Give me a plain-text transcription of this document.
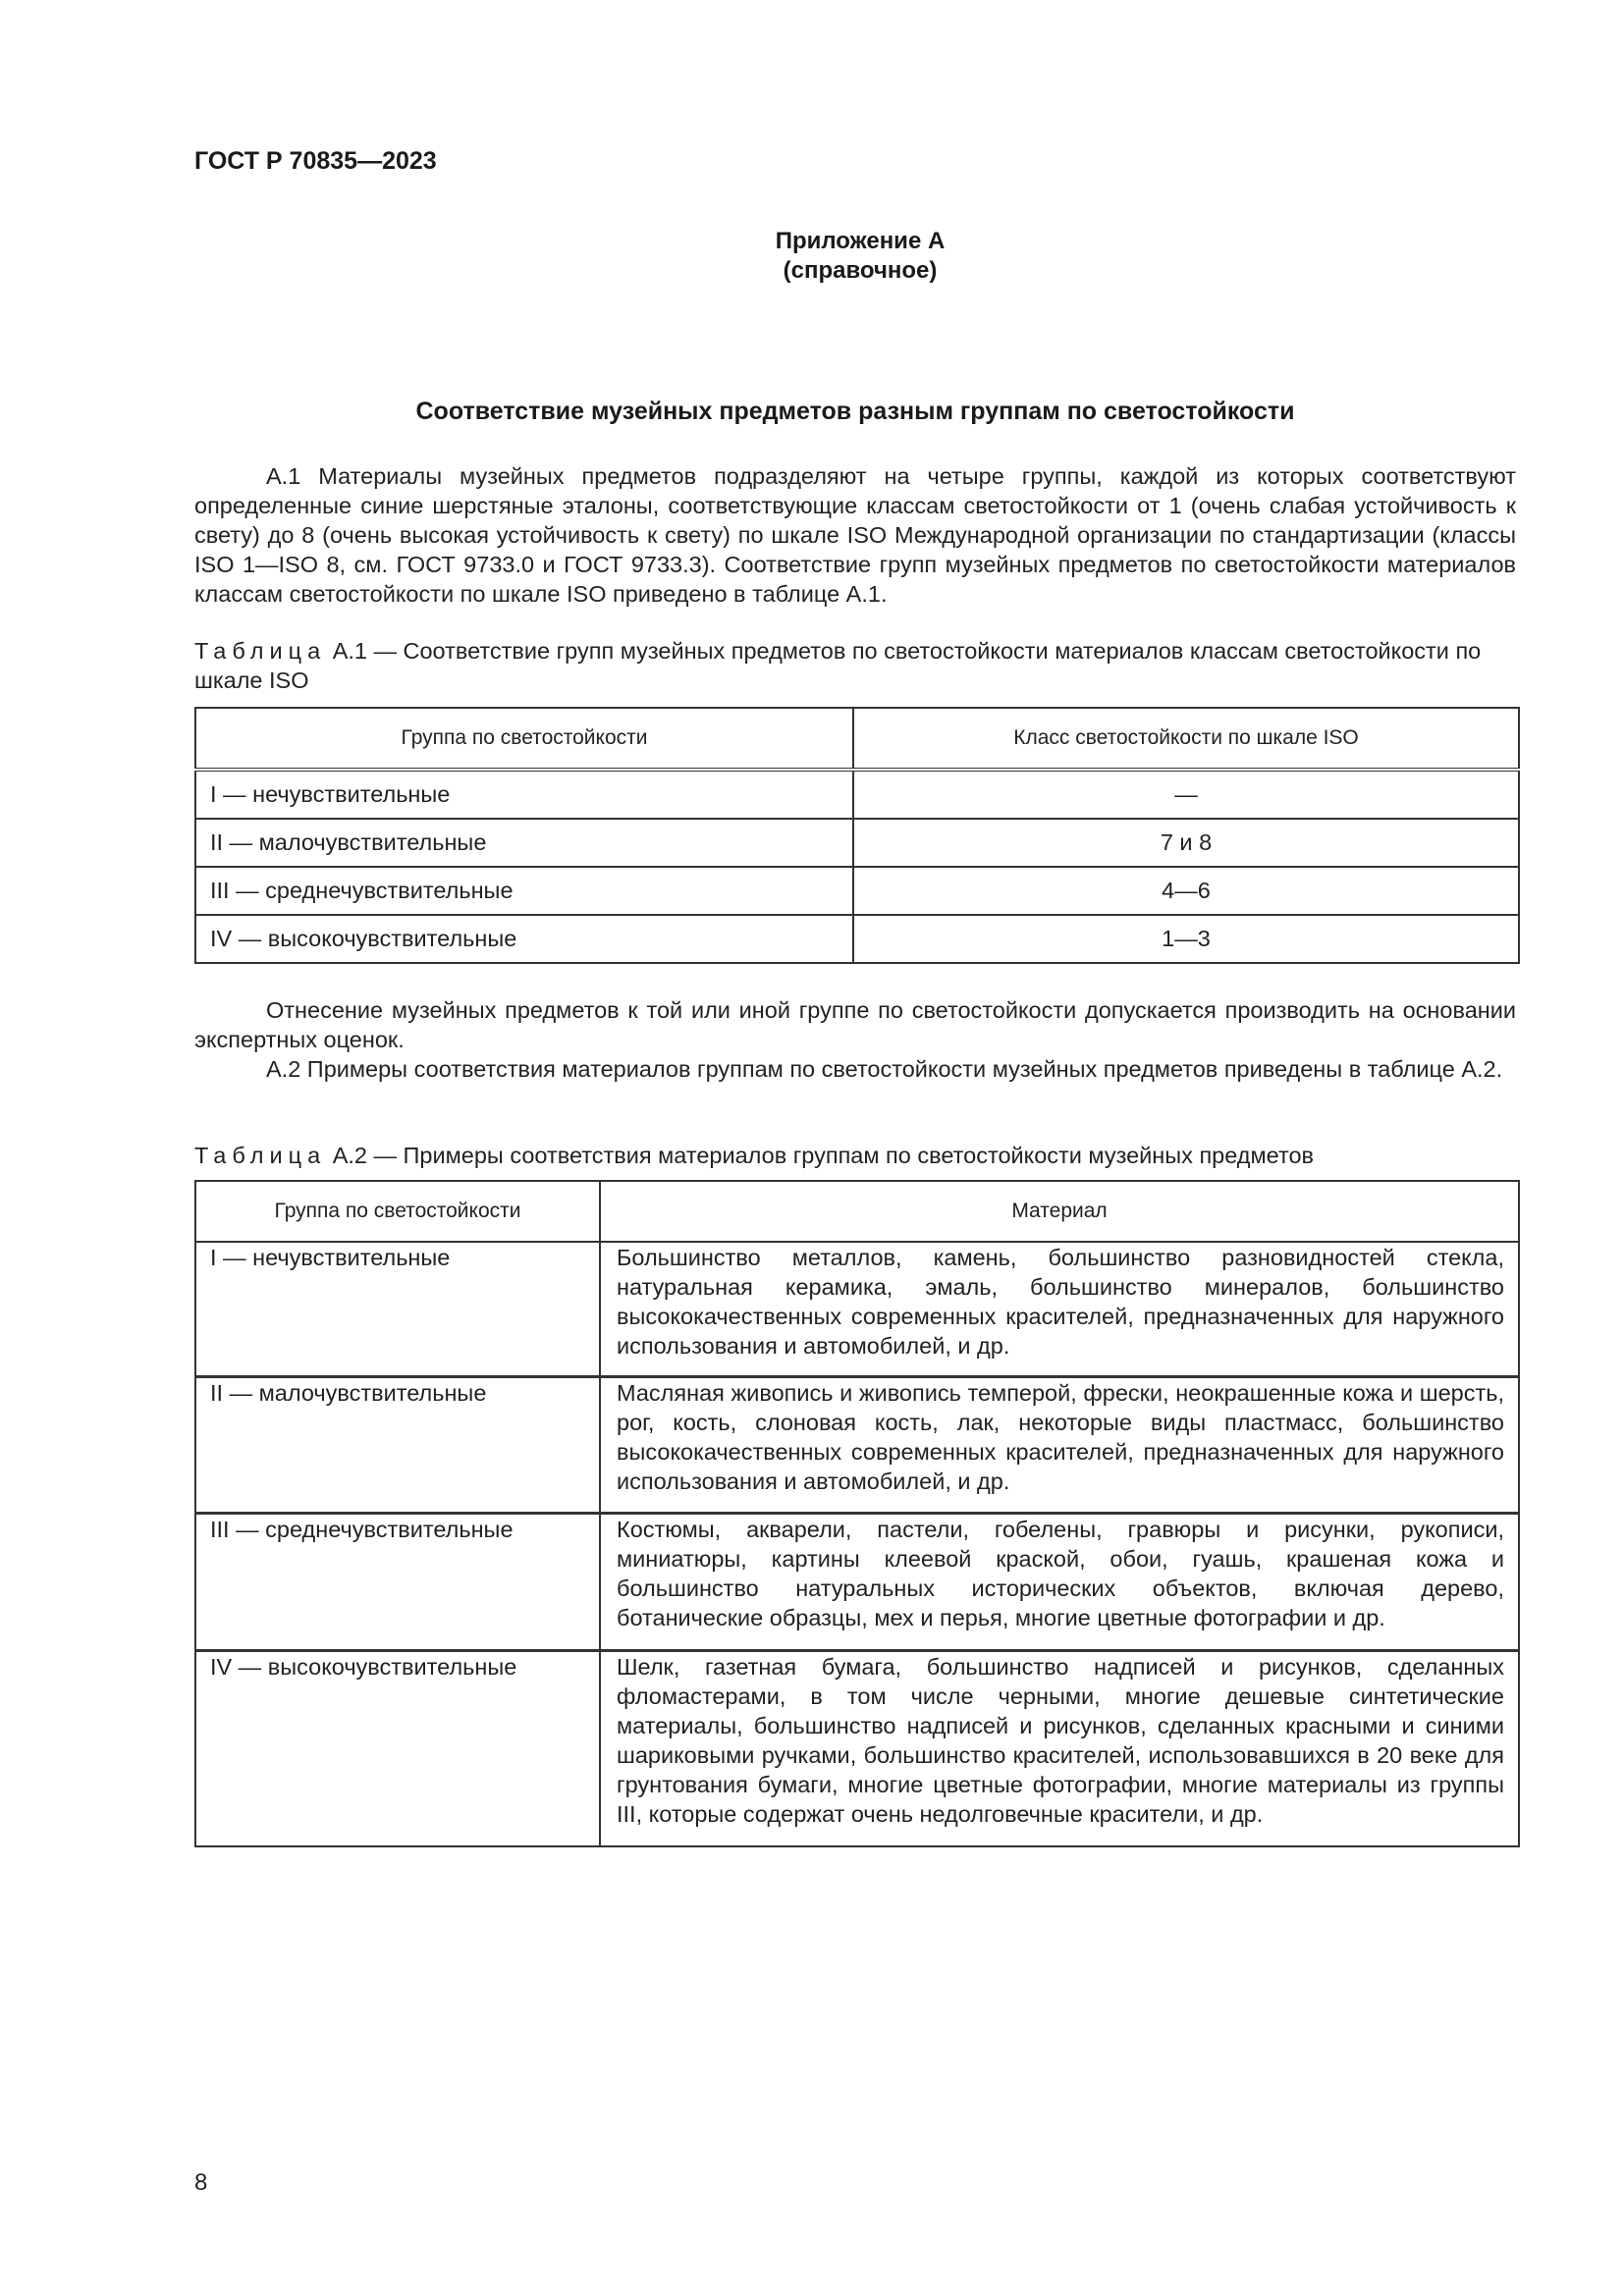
ГОСТ Р 70835—2023
Приложение А
(справочное)
Соответствие музейных предметов разным группам по светостойкости
А.1 Материалы музейных предметов подразделяют на четыре группы, каждой из которых соответствуют определенные синие шерстяные эталоны, соответствующие классам светостойкости от 1 (очень слабая устойчивость к свету) до 8 (очень высокая устойчивость к свету) по шкале ISO Международной организации по стандартизации (классы ISO 1—ISO 8, см. ГОСТ 9733.0 и ГОСТ 9733.3). Соответствие групп музейных предметов по светостойкости материалов классам светостойкости по шкале ISO приведено в таблице А.1.
Таблица А.1 — Соответствие групп музейных предметов по светостойкости материалов классам светостойкости по шкале ISO
Группа по светостойкости	Класс светостойкости по шкале ISO
I — нечувствительные	—
II — малочувствительные	7 и 8
III — среднечувствительные	4—6
IV — высокочувствительные	1—3
Отнесение музейных предметов к той или иной группе по светостойкости допускается производить на основании экспертных оценок.
А.2 Примеры соответствия материалов группам по светостойкости музейных предметов приведены в таблице А.2.
Таблица А.2 — Примеры соответствия материалов группам по светостойкости музейных предметов
Группа по светостойкости	Материал
I — нечувствительные	Большинство металлов, камень, большинство разновидностей стекла, натуральная керамика, эмаль, большинство минералов, большинство высококачественных современных красителей, предназначенных для наружного использования и автомобилей, и др.
II — малочувствительные	Масляная живопись и живопись темперой, фрески, неокрашенные кожа и шерсть, рог, кость, слоновая кость, лак, некоторые виды пластмасс, большинство высококачественных современных красителей, предназначенных для наружного использования и автомобилей, и др.
III — среднечувствительные	Костюмы, акварели, пастели, гобелены, гравюры и рисунки, рукописи, миниатюры, картины клеевой краской, обои, гуашь, крашеная кожа и большинство натуральных исторических объектов, включая дерево, ботанические образцы, мех и перья, многие цветные фотографии и др.
IV — высокочувствительные	Шелк, газетная бумага, большинство надписей и рисунков, сделанных фломастерами, в том числе черными, многие дешевые синтетические материалы, большинство надписей и рисунков, сделанных красными и синими шариковыми ручками, большинство красителей, использовавшихся в 20 веке для грунтования бумаги, многие цветные фотографии, многие материалы из группы III, которые содержат очень недолговечные красители, и др.
8
